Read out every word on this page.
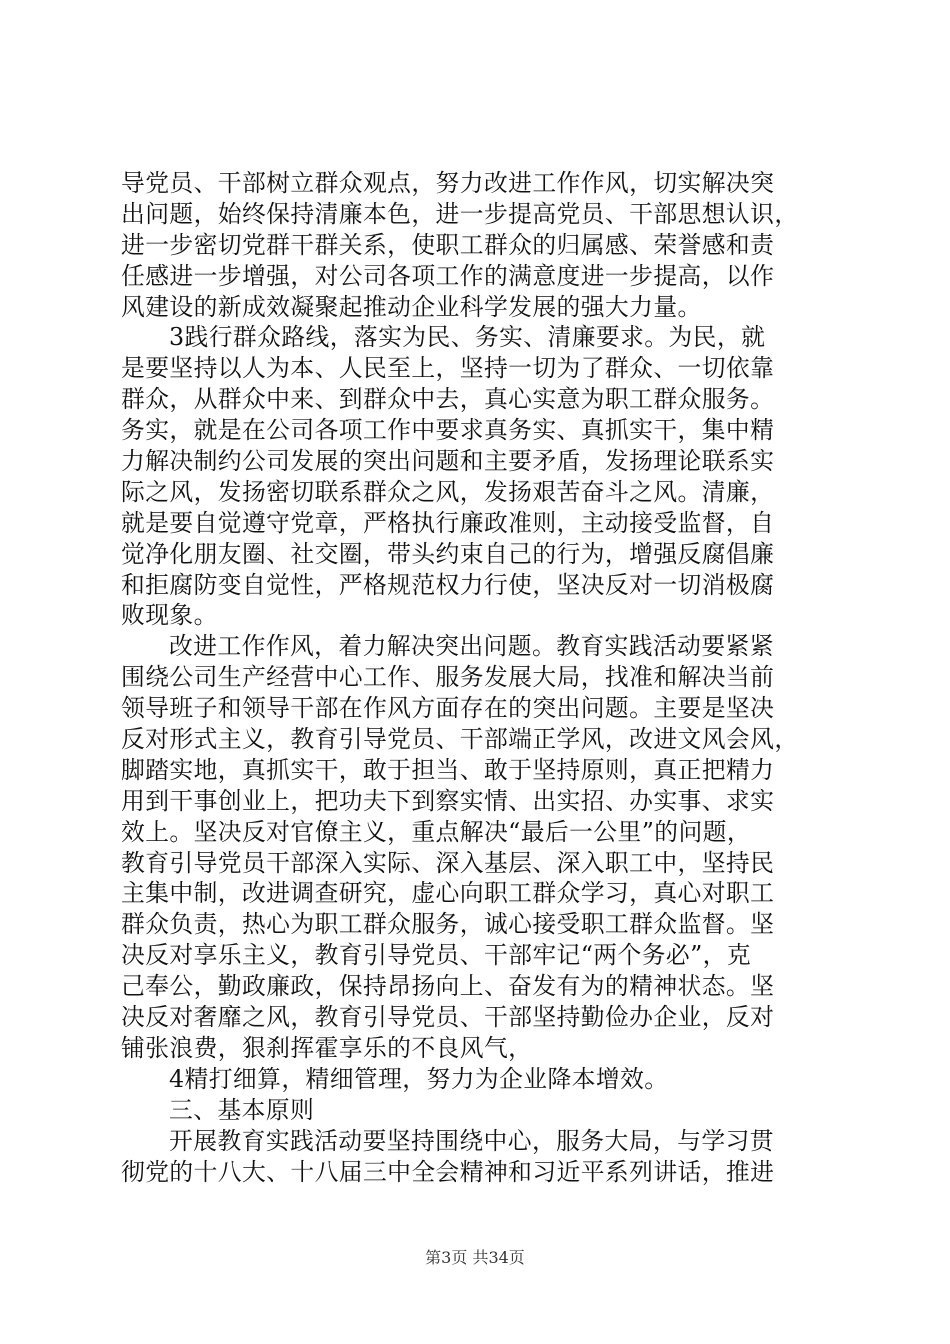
导党员、干部树立群众观点，努力改进工作作风，切实解决突
出问题，始终保持清廉本色，进一步提高党员、干部思想认识，
进一步密切党群干群关系，使职工群众的归属感、荣誉感和责
任感进一步增强，对公司各项工作的满意度进一步提高，以作
风建设的新成效凝聚起推动企业科学发展的强大力量。
3践行群众路线，落实为民、务实、清廉要求。为民，就
是要坚持以人为本、人民至上，坚持一切为了群众、一切依靠
群众，从群众中来、到群众中去，真心实意为职工群众服务。
务实，就是在公司各项工作中要求真务实、真抓实干，集中精
力解决制约公司发展的突出问题和主要矛盾，发扬理论联系实
际之风，发扬密切联系群众之风，发扬艰苦奋斗之风。清廉，
就是要自觉遵守党章，严格执行廉政准则，主动接受监督，自
觉净化朋友圈、社交圈，带头约束自己的行为，增强反腐倡廉
和拒腐防变自觉性，严格规范权力行使，坚决反对一切消极腐
败现象。
改进工作作风，着力解决突出问题。教育实践活动要紧紧
围绕公司生产经营中心工作、服务发展大局，找准和解决当前
领导班子和领导干部在作风方面存在的突出问题。主要是坚决
反对形式主义，教育引导党员、干部端正学风，改进文风会风，
脚踏实地，真抓实干，敢于担当、敢于坚持原则，真正把精力
用到干事创业上，把功夫下到察实情、出实招、办实事、求实
效上。坚决反对官僚主义，重点解决“最后一公里”的问题，
教育引导党员干部深入实际、深入基层、深入职工中，坚持民
主集中制，改进调查研究，虚心向职工群众学习，真心对职工
群众负责，热心为职工群众服务，诚心接受职工群众监督。坚
决反对享乐主义，教育引导党员、干部牢记“两个务必”，克
己奉公，勤政廉政，保持昂扬向上、奋发有为的精神状态。坚
决反对奢靡之风，教育引导党员、干部坚持勤俭办企业，反对
铺张浪费，狠刹挥霍享乐的不良风气，
4精打细算，精细管理，努力为企业降本增效。
三、基本原则
开展教育实践活动要坚持围绕中心，服务大局，与学习贯
彻党的十八大、十八届三中全会精神和习近平系列讲话，推进
第3页 共34页
